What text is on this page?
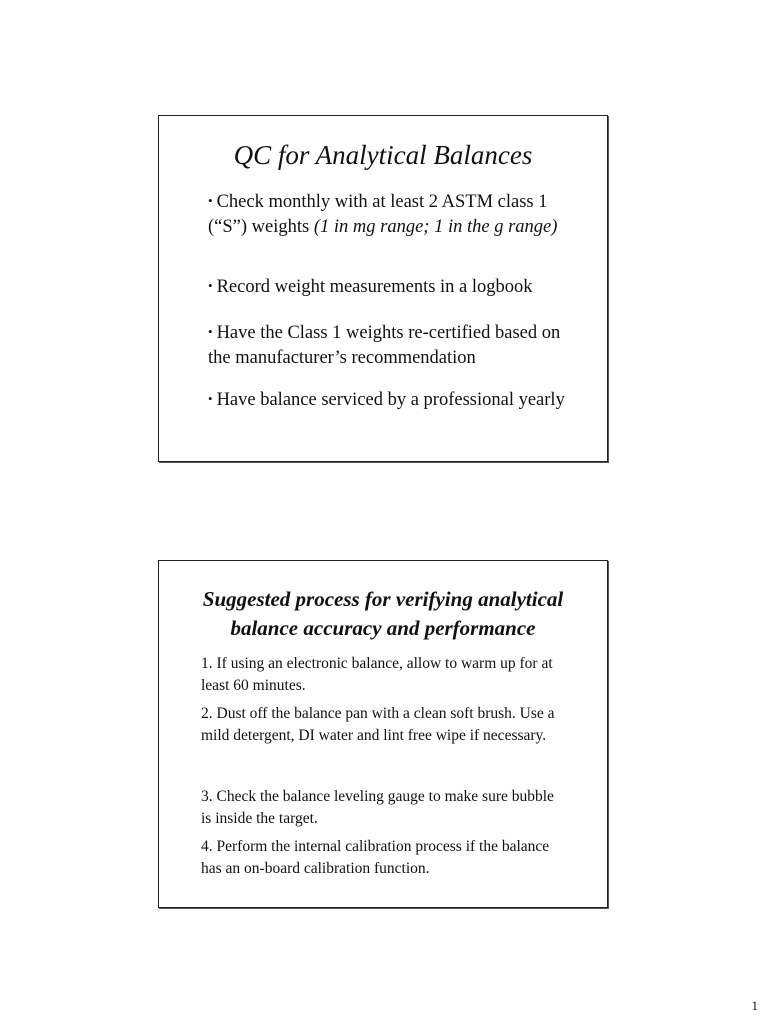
QC for Analytical Balances
• Check monthly with at least 2 ASTM class 1 (“S”) weights (1 in mg range; 1 in the g range)
• Record weight measurements in a logbook
• Have the Class 1 weights re-certified based on the manufacturer’s recommendation
• Have balance serviced by a professional yearly
Suggested process for verifying analytical balance accuracy and performance
1. If using an electronic balance, allow to warm up for at least 60 minutes.
2. Dust off the balance pan with a clean soft brush. Use a mild detergent, DI water and lint free wipe if necessary.
3. Check the balance leveling gauge to make sure bubble is inside the target.
4. Perform the internal calibration process if the balance has an on-board calibration function.
1
